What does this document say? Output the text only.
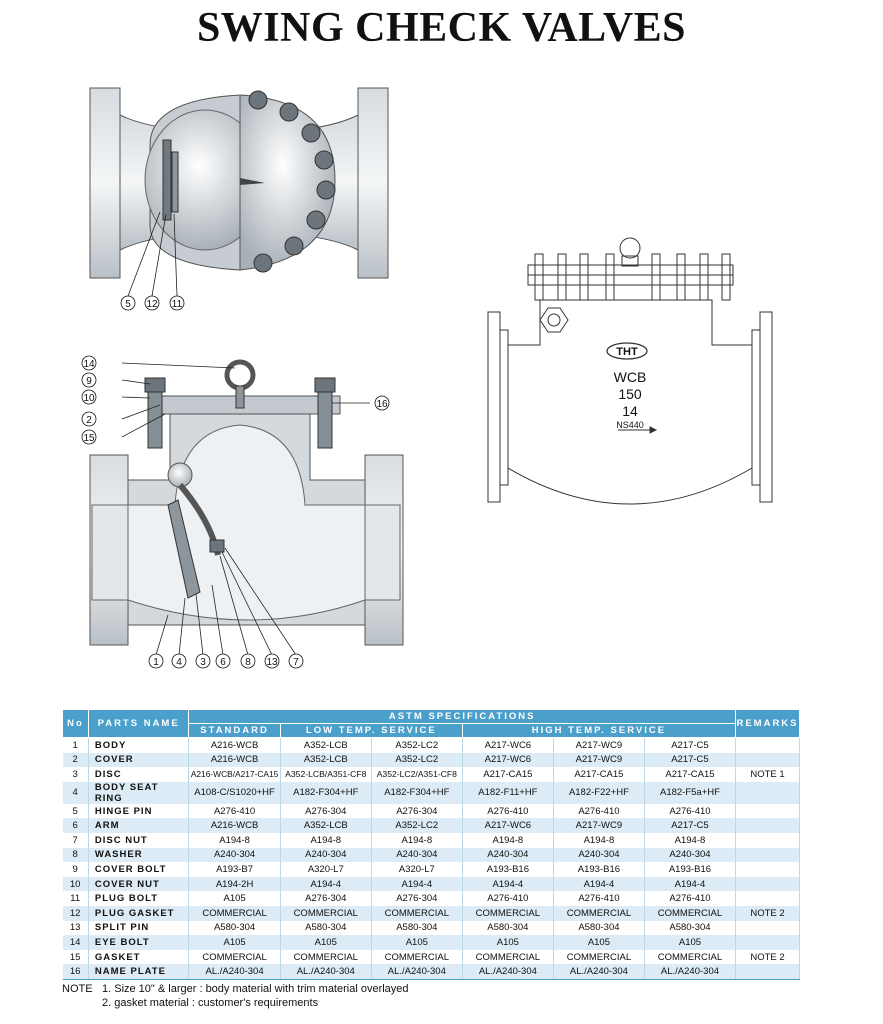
SWING CHECK VALVES
5 12 11
THT
WCB
150
14
NS440
14
9
10
2
15
16
1 4 3 6 8 13 7
No	PARTS NAME	ASTM SPECIFICATIONS						REMARKS
		STANDARD	LOW TEMP. SERVICE		HIGH TEMP. SERVICE			
1	BODY	A216-WCB	A352-LCB	A352-LC2	A217-WC6	A217-WC9	A217-C5	
2	COVER	A216-WCB	A352-LCB	A352-LC2	A217-WC6	A217-WC9	A217-C5	
3	DISC	A216-WCB/A217-CA15	A352-LCB/A351-CF8	A352-LC2/A351-CF8	A217-CA15	A217-CA15	A217-CA15	NOTE 1
4	BODY SEAT RING	A108-C/S1020+HF	A182-F304+HF	A182-F304+HF	A182-F11+HF	A182-F22+HF	A182-F5a+HF	
5	HINGE PIN	A276-410	A276-304	A276-304	A276-410	A276-410	A276-410	
6	ARM	A216-WCB	A352-LCB	A352-LC2	A217-WC6	A217-WC9	A217-C5	
7	DISC NUT	A194-8	A194-8	A194-8	A194-8	A194-8	A194-8	
8	WASHER	A240-304	A240-304	A240-304	A240-304	A240-304	A240-304	
9	COVER BOLT	A193-B7	A320-L7	A320-L7	A193-B16	A193-B16	A193-B16	
10	COVER NUT	A194-2H	A194-4	A194-4	A194-4	A194-4	A194-4	
11	PLUG BOLT	A105	A276-304	A276-304	A276-410	A276-410	A276-410	
12	PLUG GASKET	COMMERCIAL	COMMERCIAL	COMMERCIAL	COMMERCIAL	COMMERCIAL	COMMERCIAL	NOTE 2
13	SPLIT PIN	A580-304	A580-304	A580-304	A580-304	A580-304	A580-304	
14	EYE BOLT	A105	A105	A105	A105	A105	A105	
15	GASKET	COMMERCIAL	COMMERCIAL	COMMERCIAL	COMMERCIAL	COMMERCIAL	COMMERCIAL	NOTE 2
16	NAME PLATE	AL./A240-304	AL./A240-304	AL./A240-304	AL./A240-304	AL./A240-304	AL./A240-304	
NOTE 1. Size 10" & larger : body material with trim material overlayed
2. gasket material : customer's requirements
